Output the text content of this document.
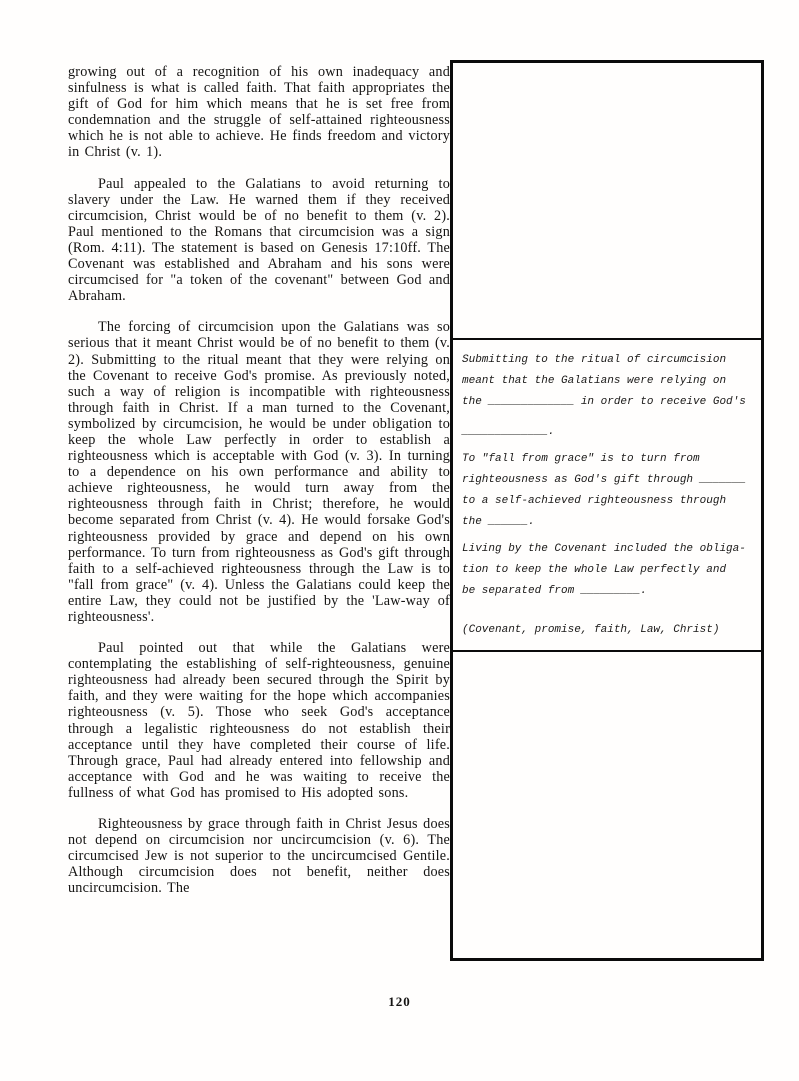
growing out of a recognition of his own inadequacy and sinfulness is what is called faith. That faith appropriates the gift of God for him which means that he is set free from condemnation and the struggle of self-attained righteousness which he is not able to achieve. He finds freedom and victory in Christ (v. 1).

Paul appealed to the Galatians to avoid returning to slavery under the Law. He warned them if they received circumcision, Christ would be of no benefit to them (v. 2). Paul mentioned to the Romans that circumcision was a sign (Rom. 4:11). The statement is based on Genesis 17:10ff. The Covenant was established and Abraham and his sons were circumcised for "a token of the covenant" between God and Abraham.

The forcing of circumcision upon the Galatians was so serious that it meant Christ would be of no benefit to them (v. 2). Submitting to the ritual meant that they were relying on the Covenant to receive God's promise. As previously noted, such a way of religion is incompatible with righteousness through faith in Christ. If a man turned to the Covenant, symbolized by circumcision, he would be under obligation to keep the whole Law perfectly in order to establish a righteousness which is acceptable with God (v. 3). In turning to a dependence on his own performance and ability to achieve righteousness, he would turn away from the righteousness through faith in Christ; therefore, he would become separated from Christ (v. 4). He would forsake God's righteousness provided by grace and depend on his own performance. To turn from righteousness as God's gift through faith to a self-achieved righteousness through the Law is to "fall from grace" (v. 4). Unless the Galatians could keep the entire Law, they could not be justified by the 'Law-way of righteousness'.

Paul pointed out that while the Galatians were contemplating the establishing of self-righteousness, genuine righteousness had already been secured through the Spirit by faith, and they were waiting for the hope which accompanies righteousness (v. 5). Those who seek God's acceptance through a legalistic righteousness do not establish their acceptance until they have completed their course of life. Through grace, Paul had already entered into fellowship and acceptance with God and he was waiting to receive the fullness of what God has promised to His adopted sons.

Righteousness by grace through faith in Christ Jesus does not depend on circumcision nor uncircumcision (v. 6). The circumcised Jew is not superior to the uncircumcised Gentile. Although circumcision does not benefit, neither does uncircumcision. The

Submitting to the ritual of circumcision
meant that the Galatians were relying on
the _____________ in order to receive God's
_____________.
To "fall from grace" is to turn from
righteousness as God's gift through _______
to a self-achieved righteousness through
the ______.
Living by the Covenant included the obliga-
tion to keep the whole Law perfectly and
be separated from _________.
(Covenant, promise, faith, Law, Christ)
120
